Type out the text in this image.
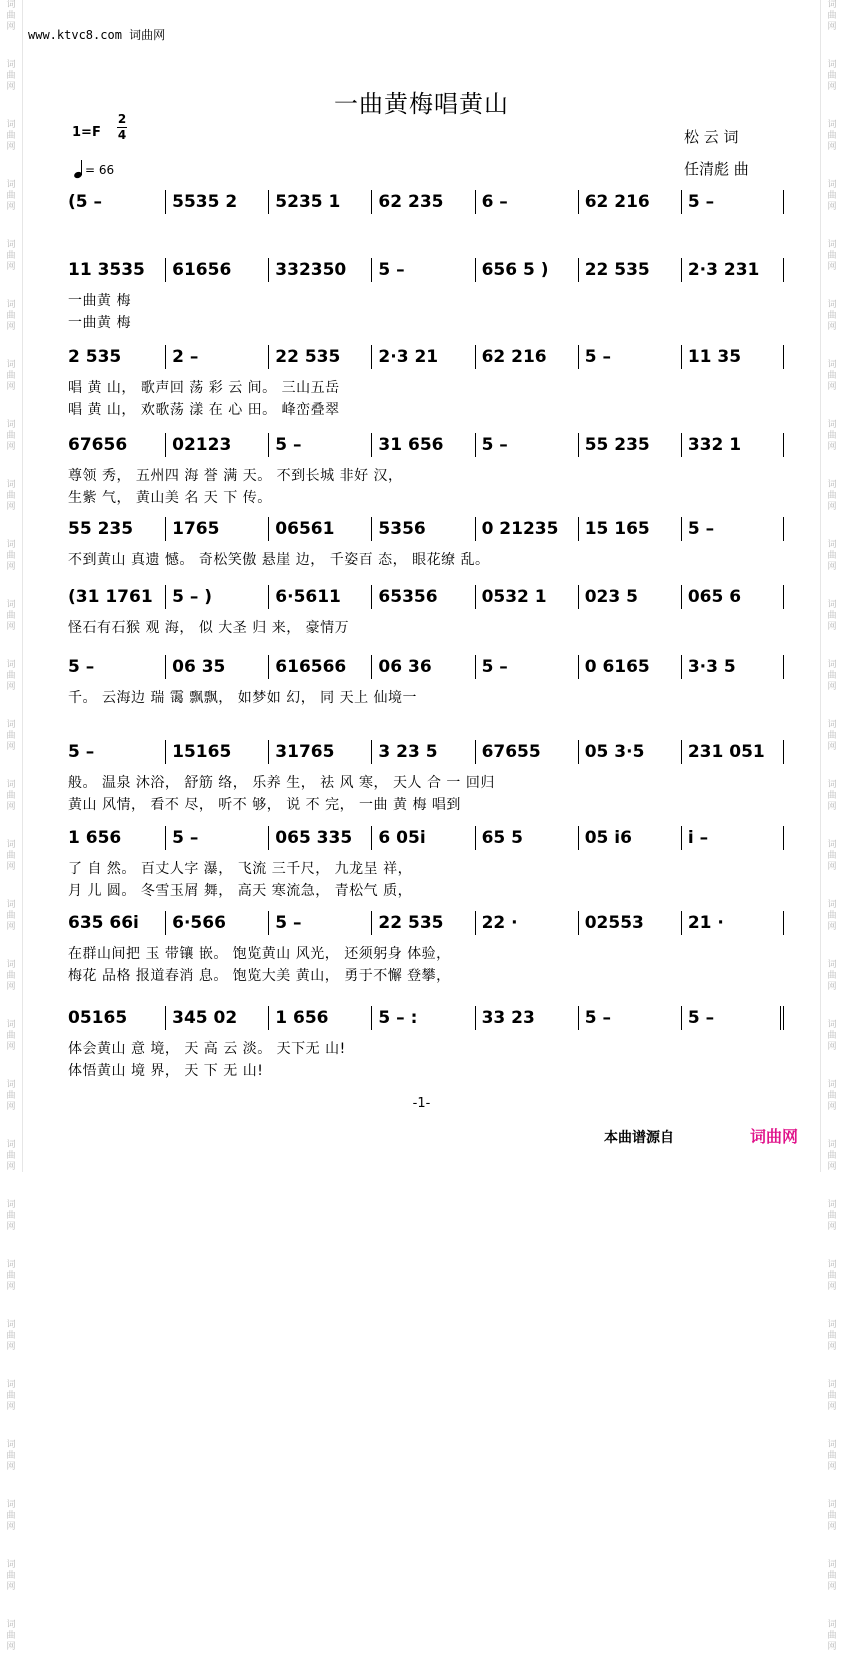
词
曲
网
词
曲
网
词
曲
网
词
曲
网
词
曲
网
词
曲
网
词
曲
网
词
曲
网
词
曲
网
词
曲
网
词
曲
网
词
曲
网
词
曲
网
词
曲
网
词
曲
网
词
曲
网
词
曲
网
词
曲
网
词
曲
网
词
曲
网
词
曲
网
词
曲
网
词
曲
网
词
曲
网
词
曲
网
词
曲
网
词
曲
网
词
曲
网
词
曲
网
词
曲
网
词
曲
网
词
曲
网
词
曲
网
词
曲
网
词
曲
网
词
曲
网
词
曲
网
词
曲
网
词
曲
网
词
曲
网
词
曲
网
词
曲
网
词
曲
网
词
曲
网
词
曲
网
词
曲
网
词
曲
网
词
曲
网
词
曲
网
词
曲
网
词
曲
网
词
曲
网
词
曲
网
词
曲
网
词
曲
网
词
曲
网
www.ktvc8.com 词曲网
一曲黄梅唱黄山
1=F
2
4
= 66
松 云 词
任清彪 曲
(5 –	5535 2	5235 1	62 235	6 –	62 216	5 –
11 3535	61656	332350	5 –	656 5 )	22 535	2·3 231
一曲黄 梅
一曲黄 梅
2 535	2 –	22 535	2·3 21	62 216	5 –	11 35
唱 黄 山， 歌声回 荡 彩 云 间。 三山五岳
唱 黄 山， 欢歌荡 漾 在 心 田。 峰峦叠翠
67656	02123	5 –	31 656	5 –	55 235	332 1
尊领 秀， 五州四 海 誉 满 天。 不到长城 非好 汉，
生紫 气， 黄山美 名 天 下 传。
55 235	1765	06561	5356	0 21235	15 165	5 –
不到黄山 真遗 憾。 奇松笑傲 悬崖 边， 千姿百 态， 眼花缭 乱。
(31 1761	5 – )	6·5611	65356	0532 1	023 5	065 6
怪石有石猴 观 海， 似 大圣 归 来， 豪情万
5 –	06 35	616566	06 36	5 –	0 6165	3·3 5
千。 云海边 瑞 霭 飘飘， 如梦如 幻， 同 天上 仙境一
5 –	15165	31765	3 23 5	67655	05 3·5	231 051
般。 温泉 沐浴， 舒筋 络， 乐养 生， 祛 风 寒， 天人 合 一 回归
黄山 风情， 看不 尽， 听不 够， 说 不 完， 一曲 黄 梅 唱到
1 656	5 –	065 335	6 05i	65 5	05 i6	i –
了 自 然。 百丈人字 瀑， 飞流 三千尺， 九龙呈 祥，
月 儿 圆。 冬雪玉屑 舞， 高天 寒流急， 青松气 质，
635 66i	6·566	5 –	22 535	22 ·	02553	21 ·
在群山间把 玉 带镶 嵌。 饱览黄山 风光， 还须躬身 体验，
梅花 品格 报道春消 息。 饱览大美 黄山， 勇于不懈 登攀，
05165	345 02	1 656	5 – :	33 23	5 –	5 –
体会黄山 意 境， 天 高 云 淡。 天下无 山!
体悟黄山 境 界， 天 下 无 山!
-1-
本曲谱源自	词曲网
